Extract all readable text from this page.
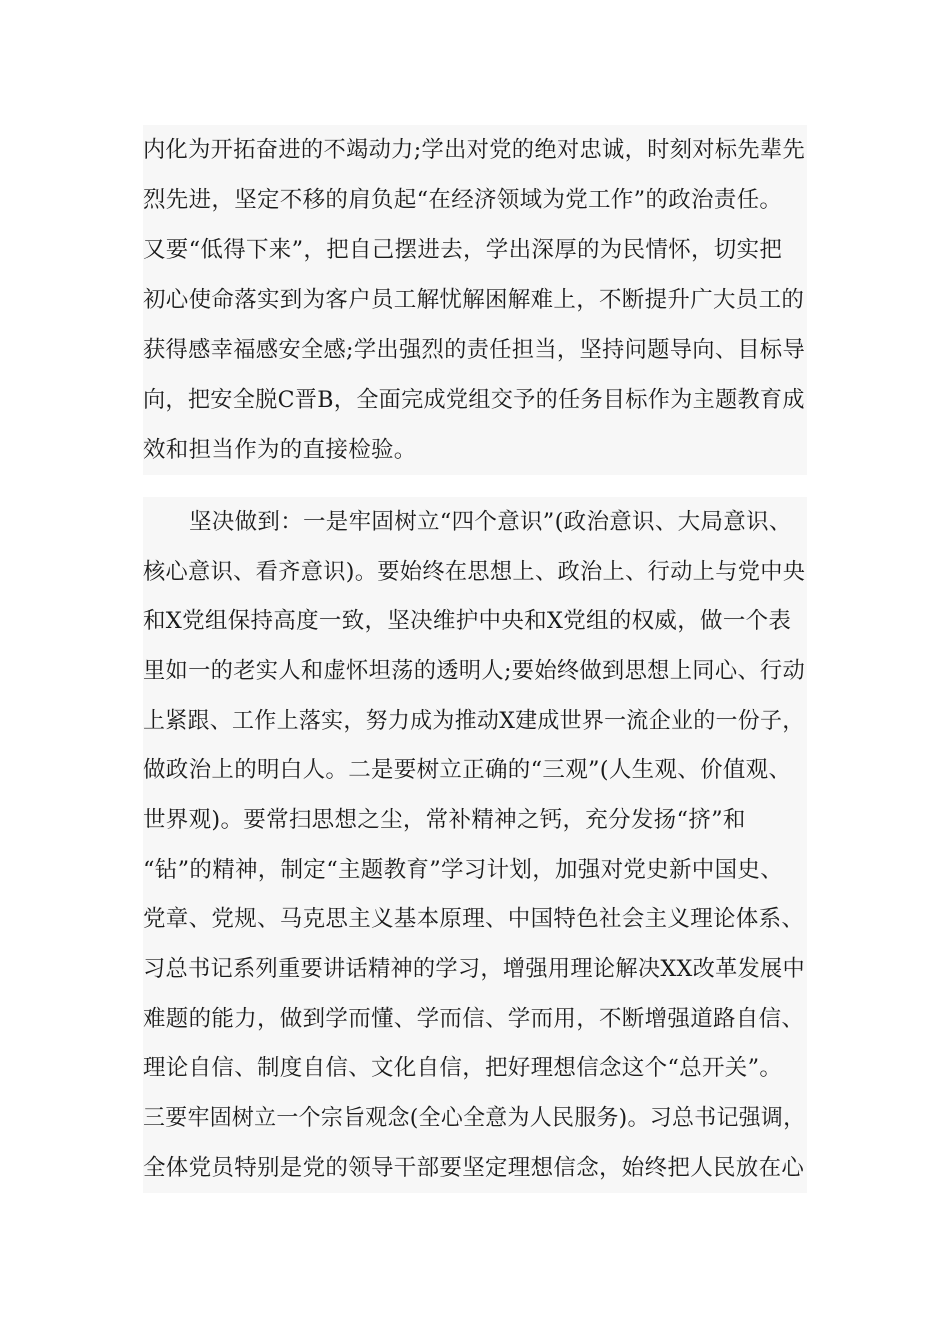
内化为开拓奋进的不竭动力;学出对党的绝对忠诚，时刻对标先辈先
烈先进，坚定不移的肩负起“在经济领域为党工作”的政治责任。
又要“低得下来”，把自己摆进去，学出深厚的为民情怀，切实把
初心使命落实到为客户员工解忧解困解难上，不断提升广大员工的
获得感幸福感安全感;学出强烈的责任担当，坚持问题导向、目标导
向，把安全脱C晋B，全面完成党组交予的任务目标作为主题教育成
效和担当作为的直接检验。
坚决做到：一是牢固树立“四个意识”(政治意识、大局意识、
核心意识、看齐意识)。要始终在思想上、政治上、行动上与党中央
和X党组保持高度一致，坚决维护中央和X党组的权威，做一个表
里如一的老实人和虚怀坦荡的透明人;要始终做到思想上同心、行动
上紧跟、工作上落实，努力成为推动X建成世界一流企业的一份子，
做政治上的明白人。二是要树立正确的“三观”(人生观、价值观、
世界观)。要常扫思想之尘，常补精神之钙，充分发扬“挤”和
“钻”的精神，制定“主题教育”学习计划，加强对党史新中国史、
党章、党规、马克思主义基本原理、中国特色社会主义理论体系、
习总书记系列重要讲话精神的学习，增强用理论解决XX改革发展中
难题的能力，做到学而懂、学而信、学而用，不断增强道路自信、
理论自信、制度自信、文化自信，把好理想信念这个“总开关”。
三要牢固树立一个宗旨观念(全心全意为人民服务)。习总书记强调，
全体党员特别是党的领导干部要坚定理想信念，始终把人民放在心
